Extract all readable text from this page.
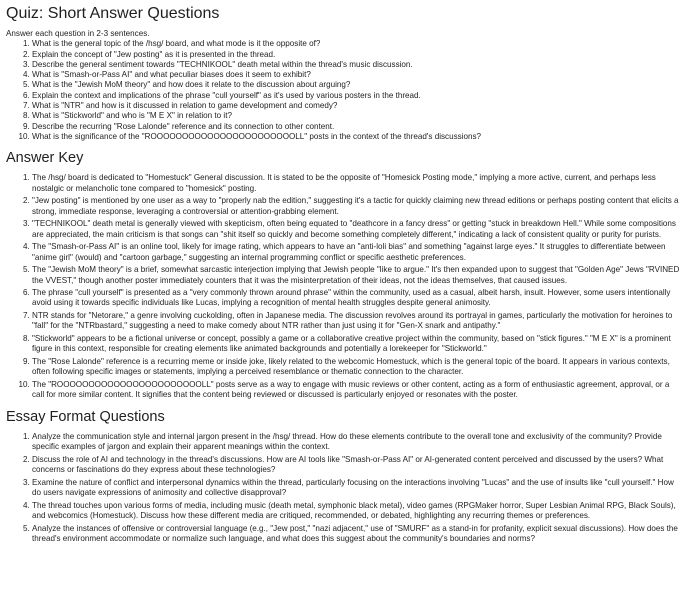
Quiz: Short Answer Questions

Answer each question in 2-3 sentences.

1. What is the general topic of the /hsg/ board, and what mode is it the opposite of?
2. Explain the concept of "Jew posting" as it is presented in the thread.
3. Describe the general sentiment towards "TECHNIKOOL" death metal within the thread's music discussion.
4. What is "Smash-or-Pass AI" and what peculiar biases does it seem to exhibit?
5. What is the "Jewish MoM theory" and how does it relate to the discussion about arguing?
6. Explain the context and implications of the phrase "cull yourself" as it's used by various posters in the thread.
7. What is "NTR" and how is it discussed in relation to game development and comedy?
8. What is "Stickworld" and who is "M E X" in relation to it?
9. Describe the recurring "Rose Lalonde" reference and its connection to other content.
10. What is the significance of the "ROOOOOOOOOOOOOOOOOOOOOOOLL" posts in the context of the thread's discussions?
Answer Key
1. The /hsg/ board is dedicated to "Homestuck" General discussion. It is stated to be the opposite of "Homesick Posting mode," implying a more active, current, and perhaps less nostalgic or melancholic tone compared to "homesick" posting.
2. "Jew posting" is mentioned by one user as a way to "properly nab the edition," suggesting it's a tactic for quickly claiming new thread editions or perhaps posting content that elicits a strong, immediate response, leveraging a controversial or attention-grabbing element.
3. "TECHNIKOOL" death metal is generally viewed with skepticism, often being equated to "deathcore in a fancy dress" or getting "stuck in breakdown Hell." While some compositions are appreciated, the main criticism is that songs can "shit itself so quickly and become something completely different," indicating a lack of consistent quality or purity for purists.
4. The "Smash-or-Pass AI" is an online tool, likely for image rating, which appears to have an "anti-loli bias" and something "against large eyes." It struggles to differentiate between "anime girl" (would) and "cartoon garbage," suggesting an internal programming conflict or specific aesthetic preferences.
5. The "Jewish MoM theory" is a brief, somewhat sarcastic interjection implying that Jewish people "like to argue." It's then expanded upon to suggest that "Golden Age" Jews "RVINED the VVEST," though another poster immediately counters that it was the misinterpretation of their ideas, not the ideas themselves, that caused issues.
6. The phrase "cull yourself" is presented as a "very commonly thrown around phrase" within the community, used as a casual, albeit harsh, insult. However, some users intentionally avoid using it towards specific individuals like Lucas, implying a recognition of mental health struggles despite general animosity.
7. NTR stands for "Netorare," a genre involving cuckolding, often in Japanese media. The discussion revolves around its portrayal in games, particularly the motivation for heroines to "fall" for the "NTRbastard," suggesting a need to make comedy about NTR rather than just using it for "Gen-X snark and antipathy."
8. "Stickworld" appears to be a fictional universe or concept, possibly a game or a collaborative creative project within the community, based on "stick figures." "M E X" is a prominent figure in this context, responsible for creating elements like animated backgrounds and potentially a lorekeeper for "Stickworld."
9. The "Rose Lalonde" reference is a recurring meme or inside joke, likely related to the webcomic Homestuck, which is the general topic of the board. It appears in various contexts, often following specific images or statements, implying a perceived resemblance or thematic connection to the character.
10. The "ROOOOOOOOOOOOOOOOOOOOOOOLL" posts serve as a way to engage with music reviews or other content, acting as a form of enthusiastic agreement, approval, or a call for more similar content. It signifies that the content being reviewed or discussed is particularly enjoyed or resonates with the poster.
Essay Format Questions
1. Analyze the communication style and internal jargon present in the /hsg/ thread. How do these elements contribute to the overall tone and exclusivity of the community? Provide specific examples of jargon and explain their apparent meanings within the context.
2. Discuss the role of AI and technology in the thread's discussions. How are AI tools like "Smash-or-Pass AI" or AI-generated content perceived and discussed by the users? What concerns or fascinations do they express about these technologies?
3. Examine the nature of conflict and interpersonal dynamics within the thread, particularly focusing on the interactions involving "Lucas" and the use of insults like "cull yourself." How do users navigate expressions of animosity and collective disapproval?
4. The thread touches upon various forms of media, including music (death metal, symphonic black metal), video games (RPGMaker horror, Super Lesbian Animal RPG, Black Souls), and webcomics (Homestuck). Discuss how these different media are critiqued, recommended, or debated, highlighting any recurring themes or preferences.
5. Analyze the instances of offensive or controversial language (e.g., "Jew post," "nazi adjacent," use of "SMURF" as a stand-in for profanity, explicit sexual discussions). How does the thread's environment accommodate or normalize such language, and what does this suggest about the community's boundaries and norms?
